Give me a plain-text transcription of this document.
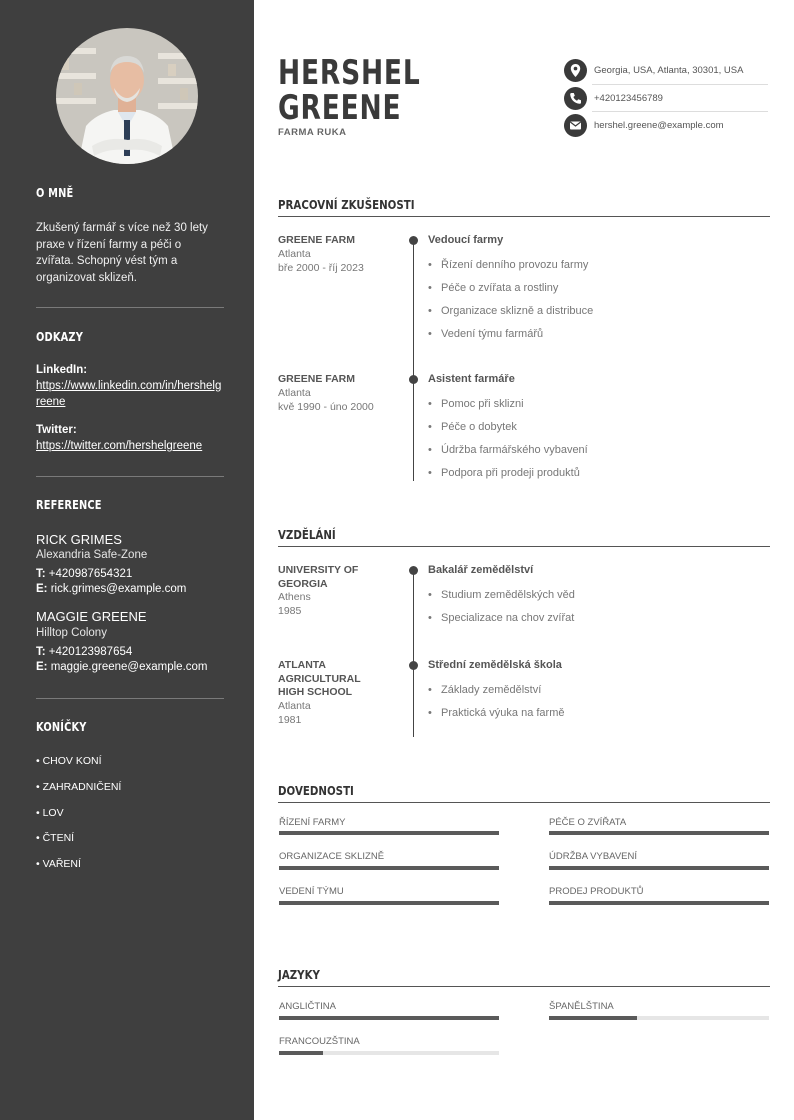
O MNĚ
Zkušený farmář s více než 30 lety praxe v řízení farmy a péči o zvířata. Schopný vést tým a organizovat sklizeň.
ODKAZY
LinkedIn:
https://www.linkedin.com/in/hershelgreene
Twitter:
https://twitter.com/hershelgreene
REFERENCE
RICK GRIMES
Alexandria Safe-Zone
T: +420987654321
E: rick.grimes@example.com
MAGGIE GREENE
Hilltop Colony
T: +420123987654
E: maggie.greene@example.com
KONÍČKY
• CHOV KONÍ
• ZAHRADNIČENÍ
• LOV
• ČTENÍ
• VAŘENÍ
HERSHEL
GREENE
FARMA RUKA
Georgia, USA, Atlanta, 30301, USA
+420123456789
hershel.greene@example.com
PRACOVNÍ ZKUŠENOSTI
GREENE FARM
Atlanta
bře 2000 - říj 2023
Vedoucí farmy
• Řízení denního provozu farmy
• Péče o zvířata a rostliny
• Organizace sklizně a distribuce
• Vedení týmu farmářů
GREENE FARM
Atlanta
kvě 1990 - úno 2000
Asistent farmáře
• Pomoc při sklizni
• Péče o dobytek
• Údržba farmářského vybavení
• Podpora při prodeji produktů
VZDĚLÁNÍ
UNIVERSITY OF
GEORGIA
Athens
1985
Bakalář zemědělství
• Studium zemědělských věd
• Specializace na chov zvířat
ATLANTA
AGRICULTURAL
HIGH SCHOOL
Atlanta
1981
Střední zemědělská škola
• Základy zemědělství
• Praktická výuka na farmě
DOVEDNOSTI
ŘÍZENÍ FARMY	PÉČE O ZVÍŘATA
ORGANIZACE SKLIZNĚ	ÚDRŽBA VYBAVENÍ
VEDENÍ TÝMU	PRODEJ PRODUKTŮ
JAZYKY
ANGLIČTINA	ŠPANĚLŠTINA
FRANCOUZŠTINA
